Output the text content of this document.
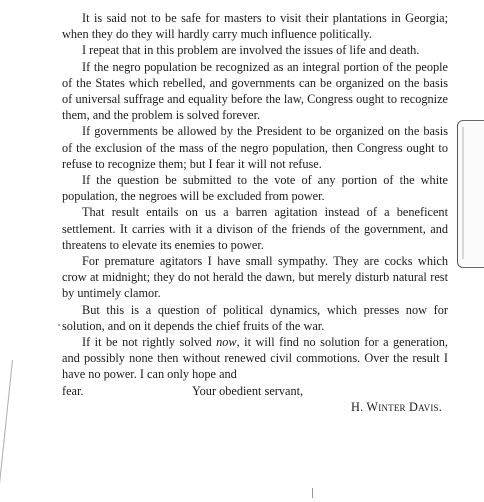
It is said not to be safe for masters to visit their plantations in Georgia; when they do they will hardly carry much influence politically.

I repeat that in this problem are involved the issues of life and death.

If the negro population be recognized as an integral portion of the people of the States which rebelled, and governments can be organized on the basis of universal suffrage and equality before the law, Congress ought to recognize them, and the problem is solved forever.

If governments be allowed by the President to be organized on the basis of the exclusion of the mass of the negro population, then Congress ought to refuse to recognize them; but I fear it will not refuse.

If the question be submitted to the vote of any portion of the white population, the negroes will be excluded from power.

That result entails on us a barren agitation instead of a beneficent settlement. It carries with it a divison of the friends of the government, and threatens to elevate its enemies to power.

For premature agitators I have small sympathy. They are cocks which crow at midnight; they do not herald the dawn, but merely disturb natural rest by untimely clamor.

But this is a question of political dynamics, which presses now for solution, and on it depends the chief fruits of the war.

If it be not rightly solved now, it will find no solution for a generation, and possibly none then without renewed civil commotions. Over the result I have no power. I can only hope and

fear.	Your obedient servant,

H. Winter Davis.
